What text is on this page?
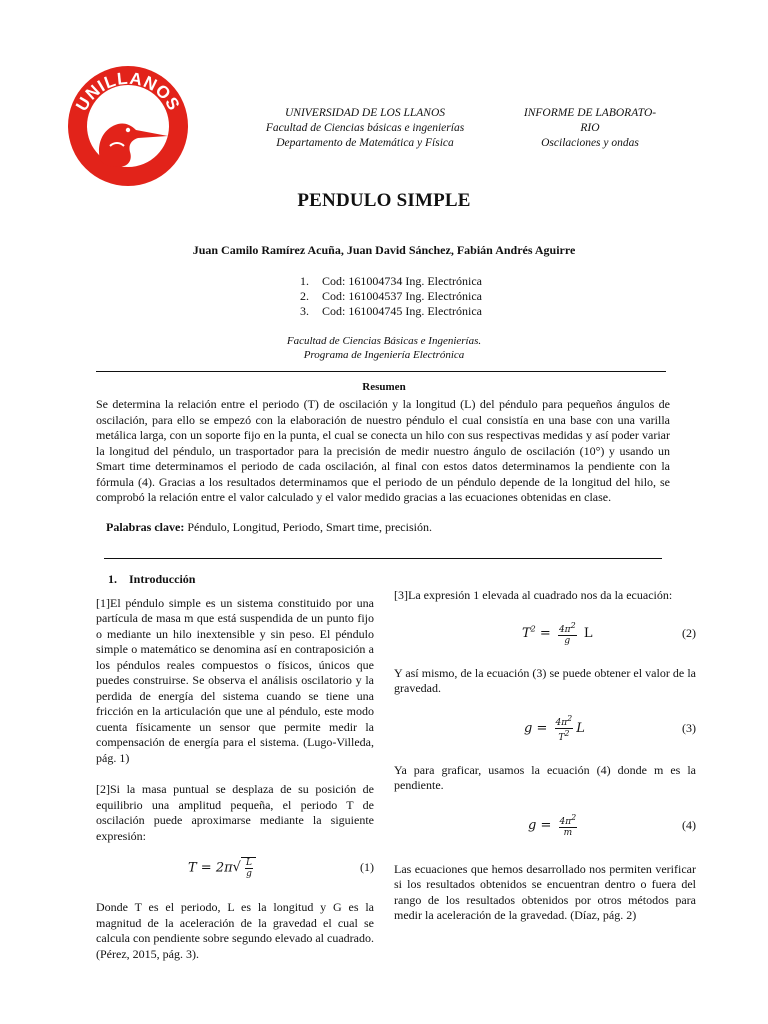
UNILLANOS	UNIVERSIDAD DE LOS LLANOS
Facultad de Ciencias básicas e ingenierías
Departamento de Matemática y Física
INFORME DE LABORATO-
RIO
Oscilaciones y ondas
PENDULO SIMPLE
Juan Camilo Ramírez Acuña, Juan David Sánchez, Fabián Andrés Aguirre
1.	Cod: 161004734 Ing. Electrónica
2.	Cod: 161004537 Ing. Electrónica
3.	Cod: 161004745 Ing. Electrónica
Facultad de Ciencias Básicas e Ingenierías.
Programa de Ingeniería Electrónica
Resumen
Se determina la relación entre el periodo (T) de oscilación y la longitud (L) del péndulo para pequeños ángulos de oscilación, para ello se empezó con la elaboración de nuestro péndulo el cual consistía en una base con una varilla metálica larga, con un soporte fijo en la punta, el cual se conecta un hilo con sus respectivas medidas y así poder variar la longitud del péndulo, un trasportador para la precisión de medir nuestro ángulo de oscilación (10°) y usando un Smart time determinamos el periodo de cada oscilación, al final con estos datos determinamos la pendiente con la fórmula (4). Gracias a los resultados determinamos que el periodo de un péndulo depende de la longitud del hilo, se comprobó la relación entre el valor calculado y el valor medido gracias a las ecuaciones obtenidas en clase.
Palabras clave: Péndulo, Longitud, Periodo, Smart time, precisión.
1.    Introducción

[1]El péndulo simple es un sistema constituido por una partícula de masa m que está suspendida de un punto fijo o mediante un hilo inextensible y sin peso. El péndulo simple o matemático se denomina así en contraposición a los péndulos reales compuestos o físicos, únicos que puedes construirse. Se observa el análisis oscilatorio y la perdida de energía del sistema cuando se tiene una fricción en la articulación que une al péndulo, este modo cuenta físicamente un sensor que permite medir la compensación de energía para el sistema. (Lugo-Villeda, pág. 1)

[2]Si la masa puntual se desplaza de su posición de equilibrio una amplitud pequeña, el periodo T de oscilación puede aproximarse mediante la siguiente expresión:

$T = 2\pi√ \frac{L}{g}$	(1)

Donde T es el periodo, L es la longitud y G es la magnitud de la aceleración de la gravedad el cual se calcula con pendiente sobre segundo elevado al cuadrado. (Pérez, 2015, pág. 3).

[3]La expresión 1 elevada al cuadrado nos da la ecuación:

$T^2 = \frac{4\pi 2}{g}$ L	(2)

Y así mismo, de la ecuación (3) se puede obtener el valor de la gravedad.

$g = \frac{4\pi 2}{T2}$ L	(3)

Ya para graficar, usamos la ecuación (4) donde m es la pendiente.

$g = \frac{4\pi 2}{m}$	(4)

Las ecuaciones que hemos desarrollado nos permiten verificar si los resultados obtenidos se encuentran dentro o fuera del rango de los resultados obtenidos por otros métodos para medir la aceleración de la gravedad. (Díaz, pág. 2)
